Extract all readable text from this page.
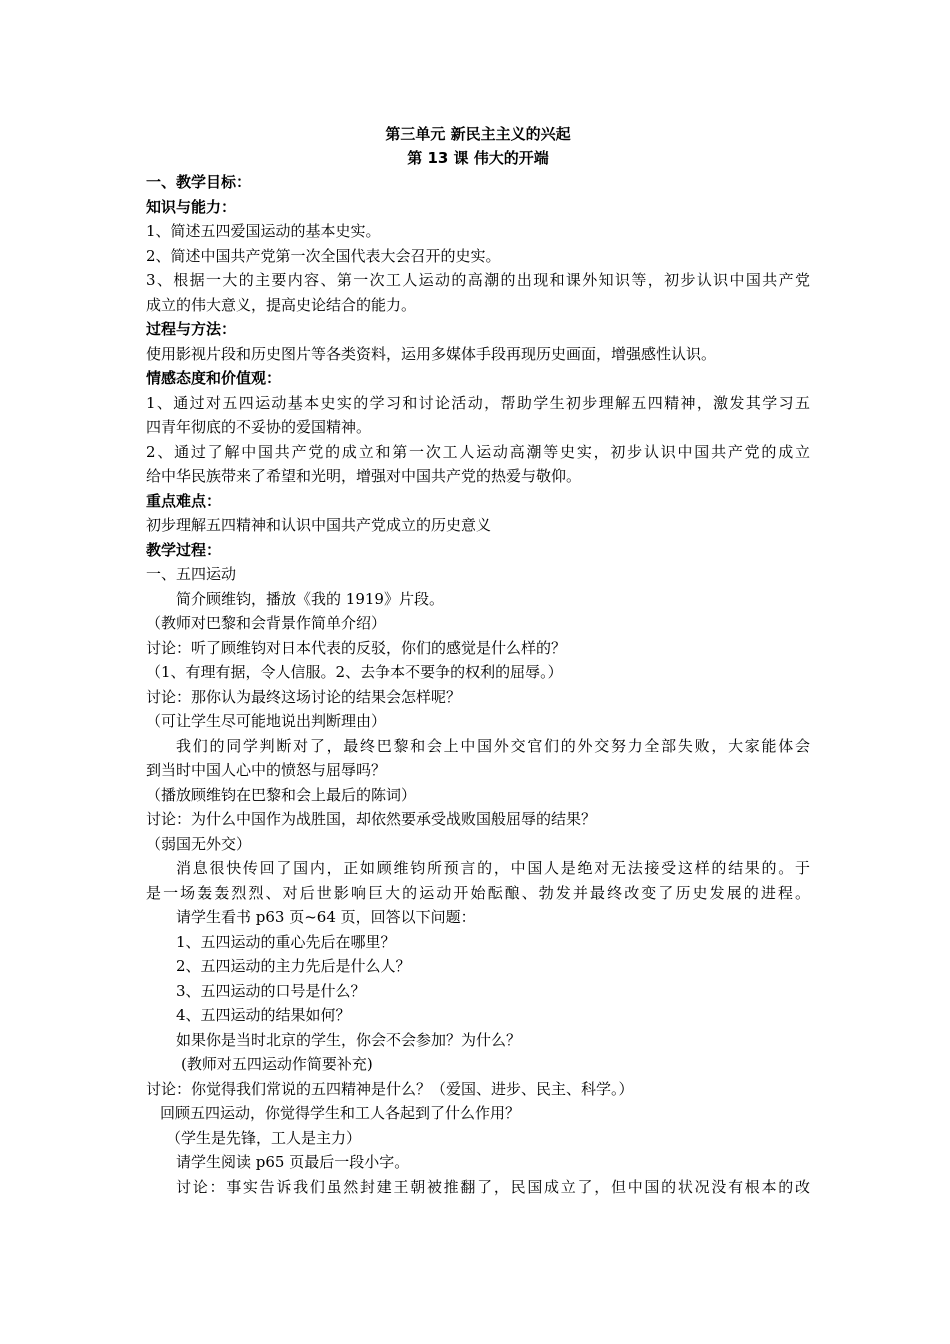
第三单元 新民主主义的兴起
第 13 课 伟大的开端
一、教学目标：
知识与能力：
1、简述五四爱国运动的基本史实。
2、简述中国共产党第一次全国代表大会召开的史实。
3、根据一大的主要内容、第一次工人运动的高潮的出现和课外知识等，初步认识中国共产党
成立的伟大意义，提高史论结合的能力。
过程与方法：
使用影视片段和历史图片等各类资料，运用多媒体手段再现历史画面，增强感性认识。
情感态度和价值观：
1、通过对五四运动基本史实的学习和讨论活动，帮助学生初步理解五四精神，激发其学习五
四青年彻底的不妥协的爱国精神。
2、通过了解中国共产党的成立和第一次工人运动高潮等史实，初步认识中国共产党的成立
给中华民族带来了希望和光明，增强对中国共产党的热爱与敬仰。
重点难点：
初步理解五四精神和认识中国共产党成立的历史意义
教学过程：
一、五四运动
简介顾维钧，播放《我的 1919》片段。
（教师对巴黎和会背景作简单介绍）
讨论：听了顾维钧对日本代表的反驳，你们的感觉是什么样的？
（1、有理有据，令人信服。2、去争本不要争的权利的屈辱。）
讨论：那你认为最终这场讨论的结果会怎样呢？
（可让学生尽可能地说出判断理由）
我们的同学判断对了，最终巴黎和会上中国外交官们的外交努力全部失败，大家能体会
到当时中国人心中的愤怒与屈辱吗？
（播放顾维钧在巴黎和会上最后的陈词）
讨论：为什么中国作为战胜国，却依然要承受战败国般屈辱的结果？
（弱国无外交）
消息很快传回了国内，正如顾维钧所预言的，中国人是绝对无法接受这样的结果的。于
是一场轰轰烈烈、对后世影响巨大的运动开始酝酿、勃发并最终改变了历史发展的进程。
请学生看书 p63 页~64 页，回答以下问题：
1、五四运动的重心先后在哪里？
2、五四运动的主力先后是什么人？
3、五四运动的口号是什么？
4、五四运动的结果如何？
如果你是当时北京的学生，你会不会参加？为什么？
(教师对五四运动作简要补充)
讨论：你觉得我们常说的五四精神是什么？（爱国、进步、民主、科学。）
回顾五四运动，你觉得学生和工人各起到了什么作用？
（学生是先锋，工人是主力）
请学生阅读 p65 页最后一段小字。
讨论：事实告诉我们虽然封建王朝被推翻了，民国成立了，但中国的状况没有根本的改
